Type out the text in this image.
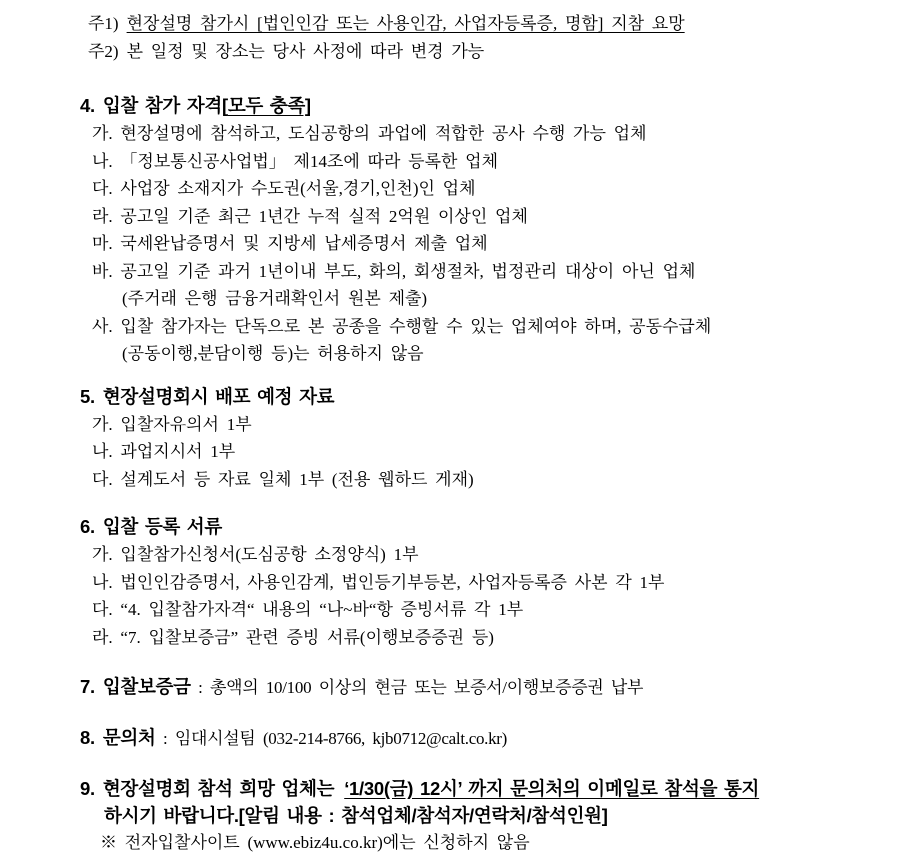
주1) 현장설명 참가시 [법인인감 또는 사용인감, 사업자등록증, 명함] 지참 요망
주2) 본 일정 및 장소는 당사 사정에 따라 변경 가능
4. 입찰 참가 자격[모두 충족]
가. 현장설명에 참석하고, 도심공항의 과업에 적합한 공사 수행 가능 업체
나. 「정보통신공사업법」 제14조에 따라 등록한 업체
다. 사업장 소재지가 수도권(서울,경기,인천)인 업체
라. 공고일 기준 최근 1년간 누적 실적 2억원 이상인 업체
마. 국세완납증명서 및 지방세 납세증명서 제출 업체
바. 공고일 기준 과거 1년이내 부도, 화의, 회생절차, 법정관리 대상이 아닌 업체
(주거래 은행 금융거래확인서 원본 제출)
사. 입찰 참가자는 단독으로 본 공종을 수행할 수 있는 업체여야 하며, 공동수급체
(공동이행,분담이행 등)는 허용하지 않음
5. 현장설명회시 배포 예정 자료
가. 입찰자유의서 1부
나. 과업지시서 1부
다. 설계도서 등 자료 일체 1부 (전용 웹하드 게재)
6. 입찰 등록 서류
가. 입찰참가신청서(도심공항 소정양식) 1부
나. 법인인감증명서, 사용인감계, 법인등기부등본, 사업자등록증 사본 각 1부
다. “4. 입찰참가자격“ 내용의 “나~바“항 증빙서류 각 1부
라. “7. 입찰보증금” 관련 증빙 서류(이행보증증권 등)
7. 입찰보증금 : 총액의 10/100 이상의 현금 또는 보증서/이행보증증권 납부
8. 문의처 : 임대시설팀 (032-214-8766, kjb0712@calt.co.kr)
9. 현장설명회 참석 희망 업체는 ‘1/30(금) 12시’ 까지 문의처의 이메일로 참석을 통지
하시기 바랍니다.[알림 내용 : 참석업체/참석자/연락처/참석인원]
※ 전자입찰사이트 (www.ebiz4u.co.kr)에는 신청하지 않음
